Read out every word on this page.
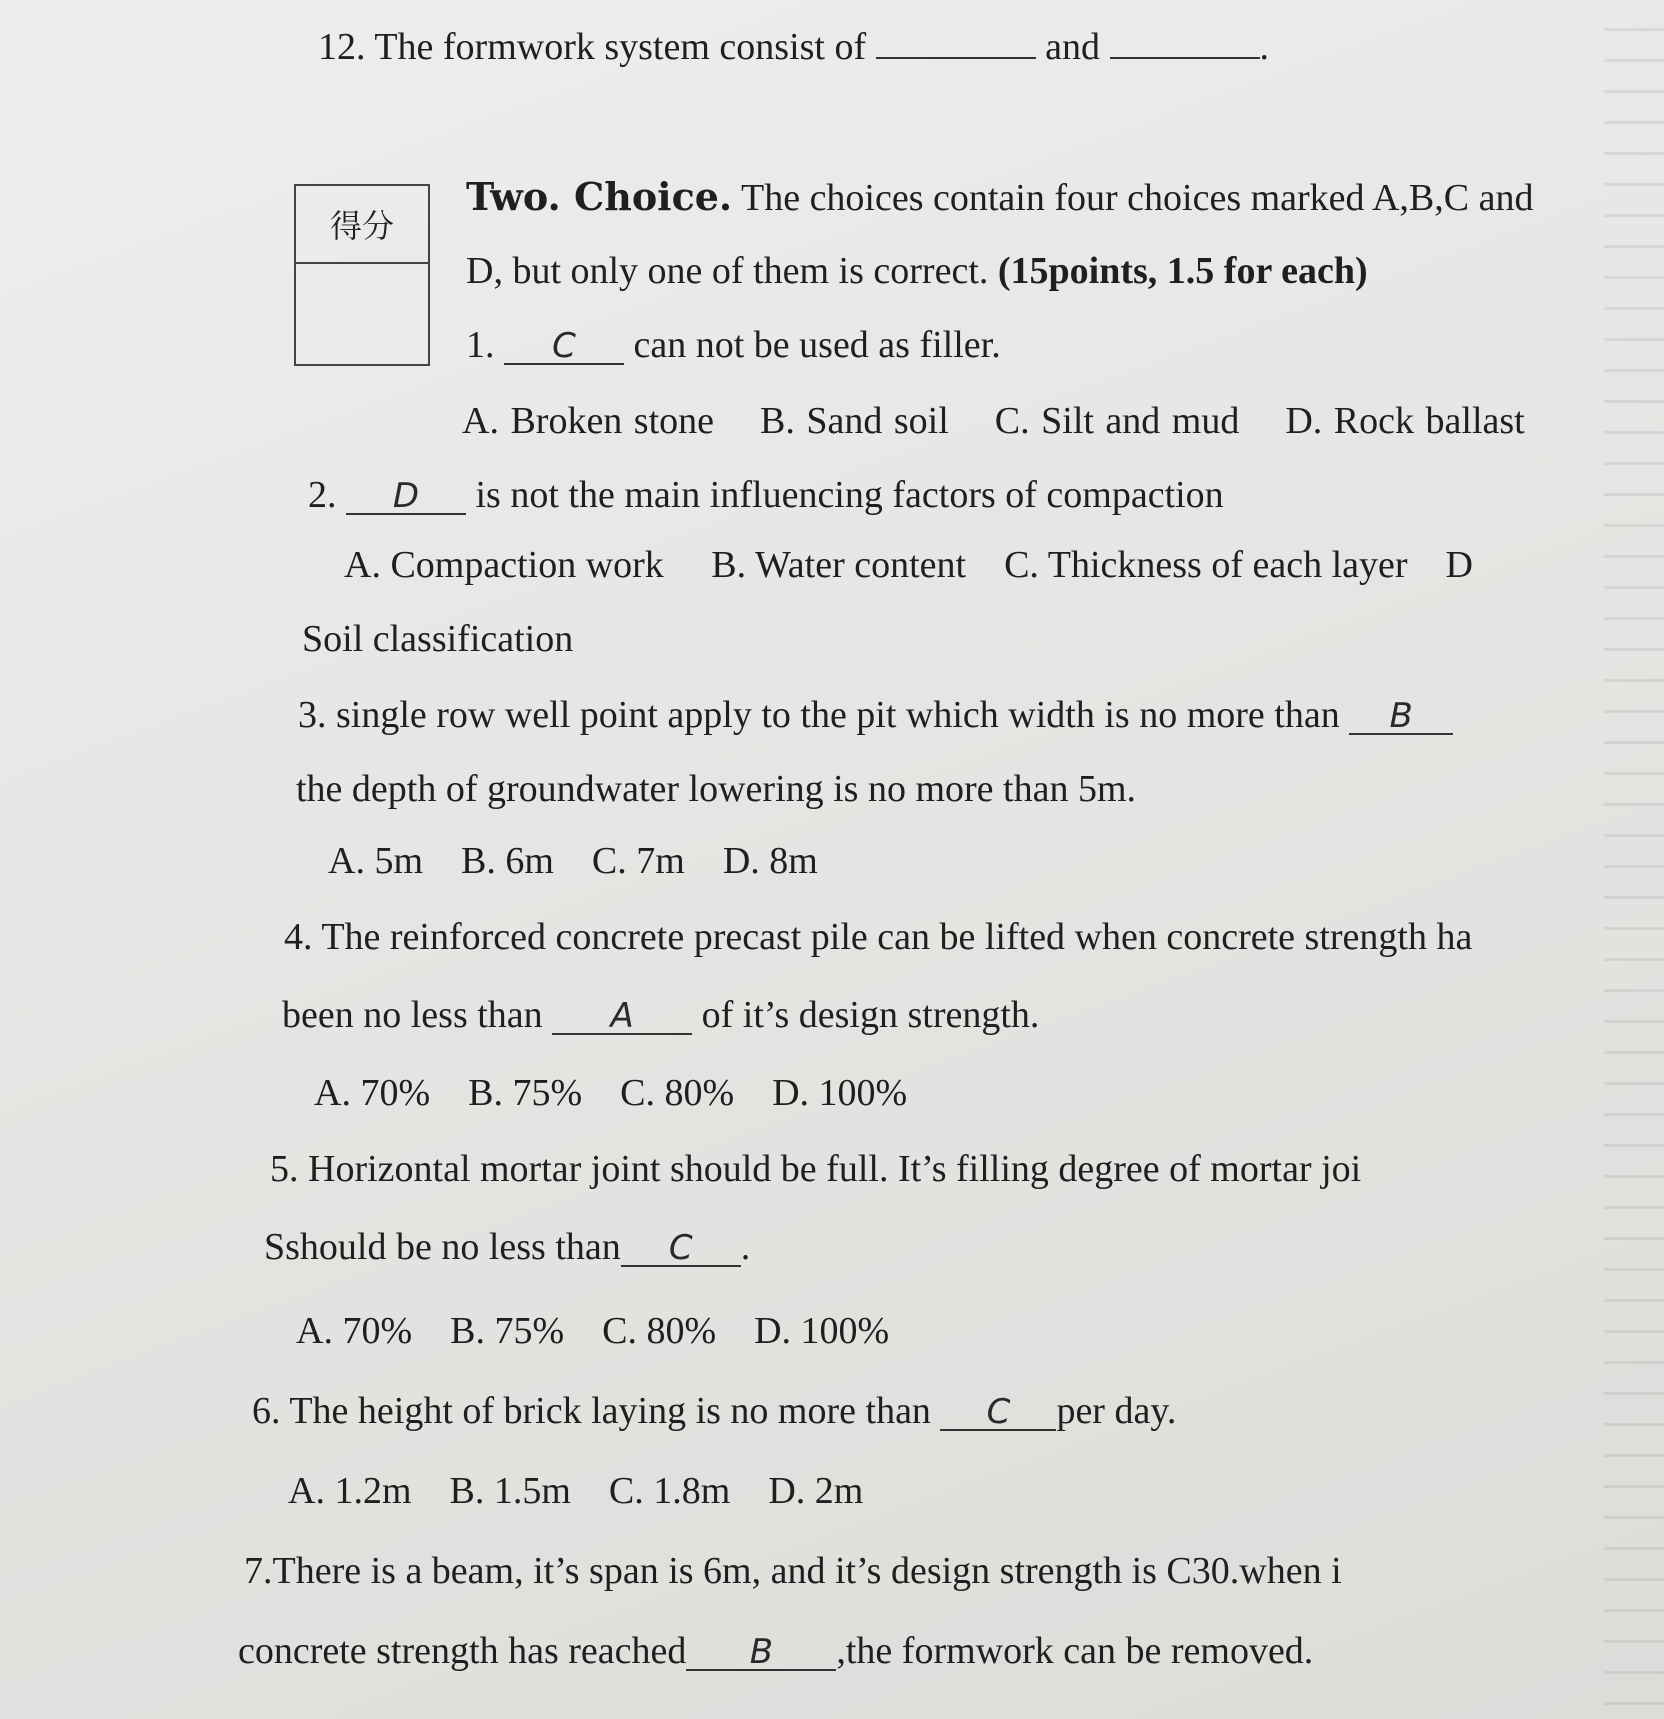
12. The formwork system consist of	and	.
得分
Two. Choice. The choices contain four choices marked A,B,C and
D, but only one of them is correct. (15points, 1.5 for each)
1. C can not be used as filler.
A. Broken stone B. Sand soil C. Silt and mud D. Rock ballast
2. D is not the main influencing factors of compaction
A. Compaction work B. Water content C. Thickness of each layer D
Soil classification
3. single row well point apply to the pit which width is no more than B
the depth of groundwater lowering is no more than 5m.
A. 5m B. 6m C. 7m D. 8m
4. The reinforced concrete precast pile can be lifted when concrete strength ha
been no less than A of it’s design strength.
A. 70% B. 75% C. 80% D. 100%
5. Horizontal mortar joint should be full. It’s filling degree of mortar joi
Sshould be no less than C .
A. 70% B. 75% C. 80% D. 100%
6. The height of brick laying is no more than C per day.
A. 1.2m B. 1.5m C. 1.8m D. 2m
7.There is a beam, it’s span is 6m, and it’s design strength is C30.when i
concrete strength has reached B ,the formwork can be removed.
